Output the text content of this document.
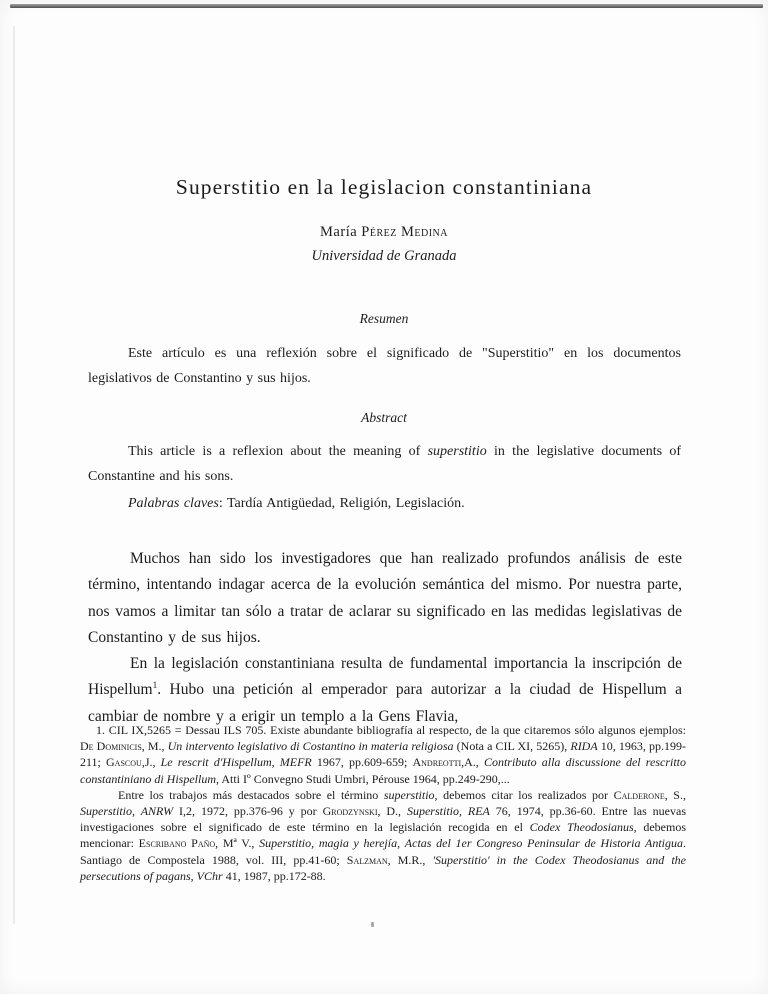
Superstitio en la legislacion constantiniana

María Pérez Medina

Universidad de Granada

Resumen

Este artículo es una reflexión sobre el significado de "Superstitio" en los documentos legislativos de Constantino y sus hijos.

Abstract

This article is a reflexion about the meaning of superstitio in the legislative documents of Constantine and his sons.

Palabras claves: Tardía Antigüedad, Religión, Legislación.

Muchos han sido los investigadores que han realizado profundos análisis de este término, intentando indagar acerca de la evolución semántica del mismo. Por nuestra parte, nos vamos a limitar tan sólo a tratar de aclarar su significado en las medidas legislativas de Constantino y de sus hijos.

En la legislación constantiniana resulta de fundamental importancia la inscripción de Hispellum$^1$. Hubo una petición al emperador para autorizar a la ciudad de Hispellum a cambiar de nombre y a erigir un templo a la Gens Flavia,

1. CIL IX,5265 = Dessau ILS 705. Existe abundante bibliografía al respecto, de la que citaremos sólo algunos ejemplos: De Dominicis, M., Un intervento legislativo di Costantino in materia religiosa (Nota a CIL XI, 5265), RIDA 10, 1963, pp.199-211; Gascou,J., Le rescrit d'Hispellum, MEFR 1967, pp.609-659; Andreotti,A., Contributo alla discussione del rescritto constantiniano di Hispellum, Atti Iº Convegno Studi Umbri, Pérouse 1964, pp.249-290,...

Entre los trabajos más destacados sobre el término superstitio, debemos citar los realizados por Calderone, S., Superstitio, ANRW I,2, 1972, pp.376-96 y por Grodzynski, D., Superstitio, REA 76, 1974, pp.36-60. Entre las nuevas investigaciones sobre el significado de este término en la legislación recogida en el Codex Theodosianus, debemos mencionar: Escribano Paño, Mª V., Superstitio, magia y herejía, Actas del 1er Congreso Peninsular de Historia Antigua. Santiago de Compostela 1988, vol. III, pp.41-60; Salzman, M.R., 'Superstitio' in the Codex Theodosianus and the persecutions of pagans, VChr 41, 1987, pp.172-88.
